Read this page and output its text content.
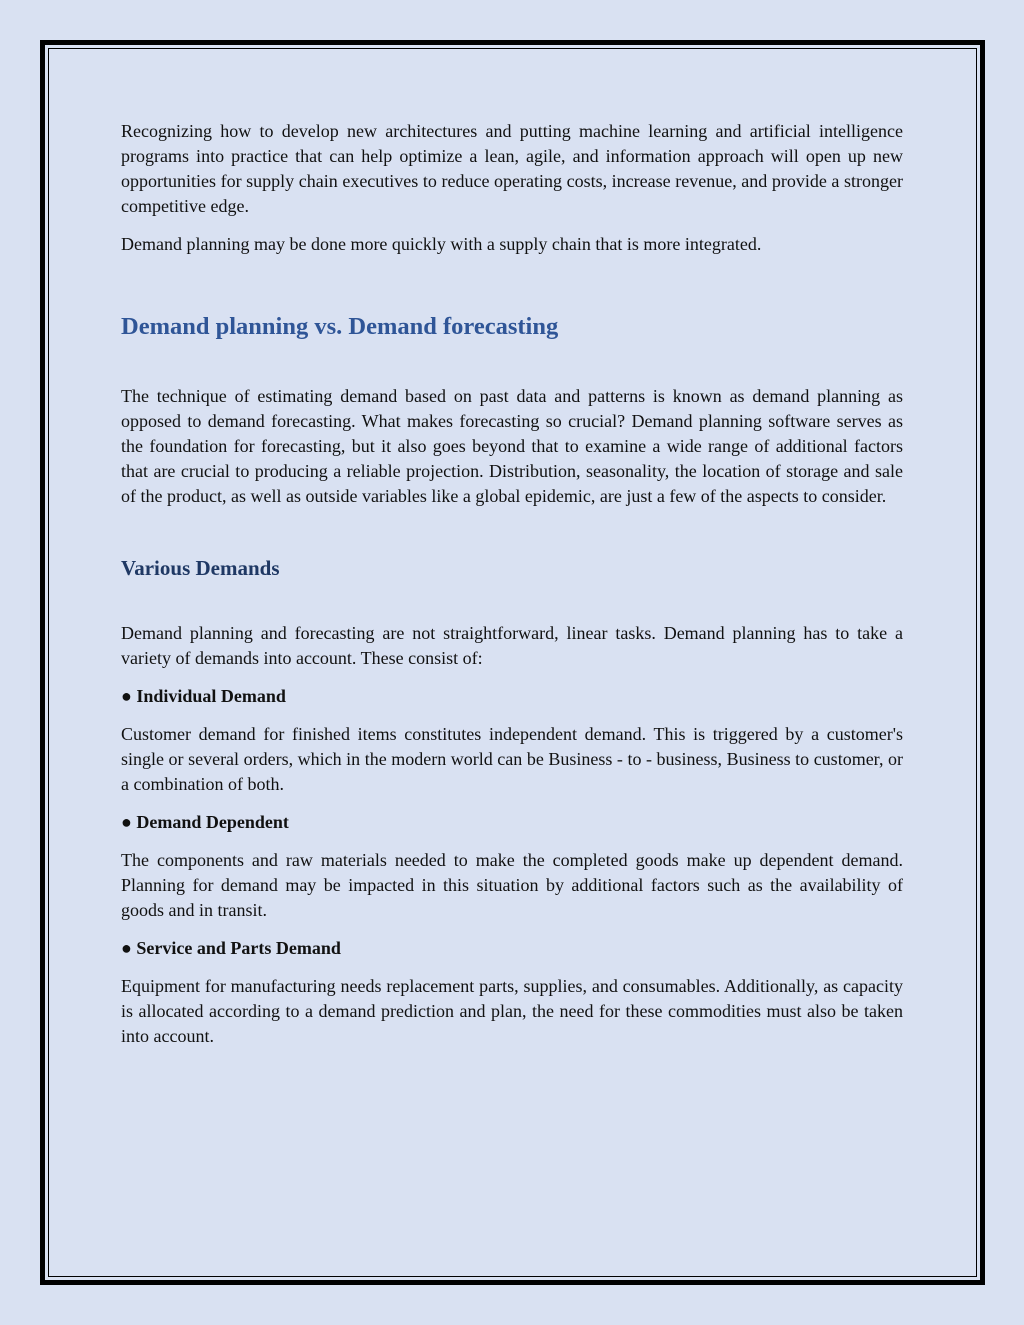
Recognizing how to develop new architectures and putting machine learning and artificial intelligence programs into practice that can help optimize a lean, agile, and information approach will open up new opportunities for supply chain executives to reduce operating costs, increase revenue, and provide a stronger competitive edge.

Demand planning may be done more quickly with a supply chain that is more integrated.

Demand planning vs. Demand forecasting

The technique of estimating demand based on past data and patterns is known as demand planning as opposed to demand forecasting. What makes forecasting so crucial? Demand planning software serves as the foundation for forecasting, but it also goes beyond that to examine a wide range of additional factors that are crucial to producing a reliable projection. Distribution, seasonality, the location of storage and sale of the product, as well as outside variables like a global epidemic, are just a few of the aspects to consider.

Various Demands

Demand planning and forecasting are not straightforward, linear tasks. Demand planning has to take a variety of demands into account. These consist of:

● Individual Demand

Customer demand for finished items constitutes independent demand. This is triggered by a customer's single or several orders, which in the modern world can be Business - to - business, Business to customer, or a combination of both.

● Demand Dependent

The components and raw materials needed to make the completed goods make up dependent demand. Planning for demand may be impacted in this situation by additional factors such as the availability of goods and in transit.

● Service and Parts Demand

Equipment for manufacturing needs replacement parts, supplies, and consumables. Additionally, as capacity is allocated according to a demand prediction and plan, the need for these commodities must also be taken into account.
